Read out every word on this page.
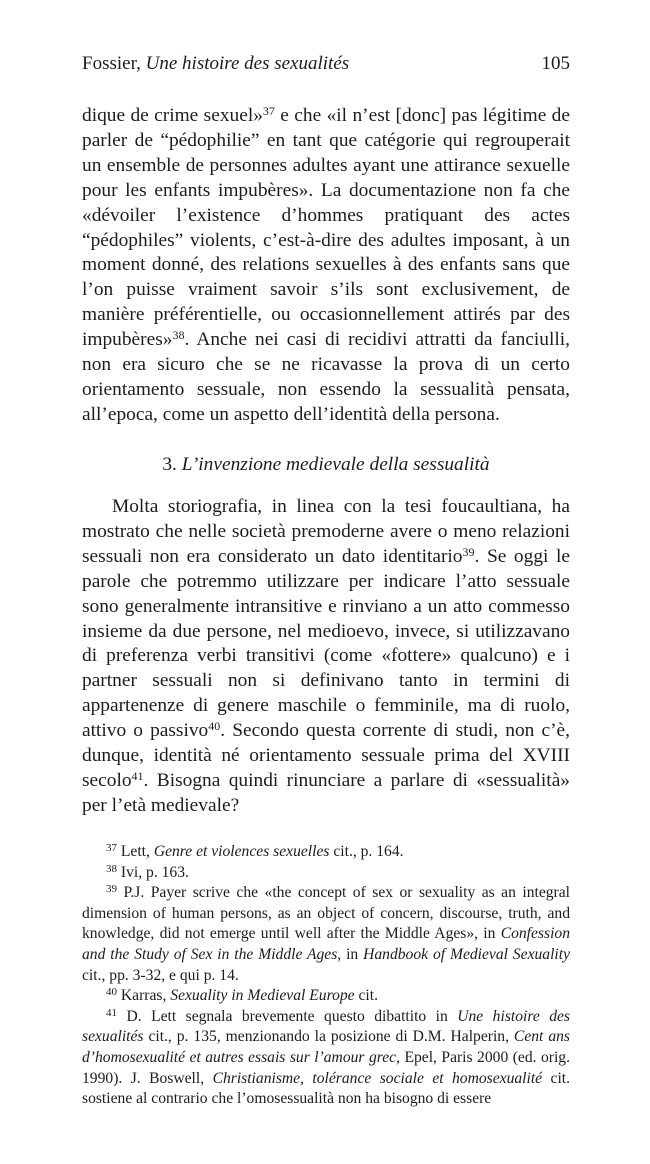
Fossier, Une histoire des sexualités	105

dique de crime sexuel»$^{37}$ e che «il n’est [donc] pas légitime de parler de “pédophilie” en tant que catégorie qui regrouperait un ensemble de personnes adultes ayant une attirance sexuelle pour les enfants impubères». La documentazione non fa che «dévoiler l’existence d’hommes pratiquant des actes “pédophiles” violents, c’est-à-dire des adultes imposant, à un moment donné, des relations sexuelles à des enfants sans que l’on puisse vraiment savoir s’ils sont exclusivement, de manière préférentielle, ou occasionnellement attirés par des impubères»$^{38}$. Anche nei casi di recidivi attratti da fanciulli, non era sicuro che se ne ricavasse la prova di un certo orientamento sessuale, non essendo la sessualità pensata, all’epoca, come un aspetto dell’identità della persona.

3. L’invenzione medievale della sessualità

Molta storiografia, in linea con la tesi foucaultiana, ha mostrato che nelle società premoderne avere o meno relazioni sessuali non era considerato un dato identitario$^{39}$. Se oggi le parole che potremmo utilizzare per indicare l’atto sessuale sono generalmente intransitive e rinviano a un atto commesso insieme da due persone, nel medioevo, invece, si utilizzavano di preferenza verbi transitivi (come «fottere» qualcuno) e i partner sessuali non si definivano tanto in termini di appartenenze di genere maschile o femminile, ma di ruolo, attivo o passivo$^{40}$. Secondo questa corrente di studi, non c’è, dunque, identità né orientamento sessuale prima del XVIII secolo$^{41}$. Bisogna quindi rinunciare a parlare di «sessualità» per l’età medievale?

$^{37}$ Lett, Genre et violences sexuelles cit., p. 164.

$^{38}$ Ivi, p. 163.

$^{39}$ P.J. Payer scrive che «the concept of sex or sexuality as an integral dimension of human persons, as an object of concern, discourse, truth, and knowledge, did not emerge until well after the Middle Ages», in Confession and the Study of Sex in the Middle Ages, in Handbook of Medieval Sexuality cit., pp. 3-32, e qui p. 14.

$^{40}$ Karras, Sexuality in Medieval Europe cit.

$^{41}$ D. Lett segnala brevemente questo dibattito in Une histoire des sexualités cit., p. 135, menzionando la posizione di D.M. Halperin, Cent ans d’homosexualité et autres essais sur l’amour grec, Epel, Paris 2000 (ed. orig. 1990). J. Boswell, Christianisme, tolérance sociale et homosexualité cit. sostiene al contrario che l’omosessualità non ha bisogno di essere
